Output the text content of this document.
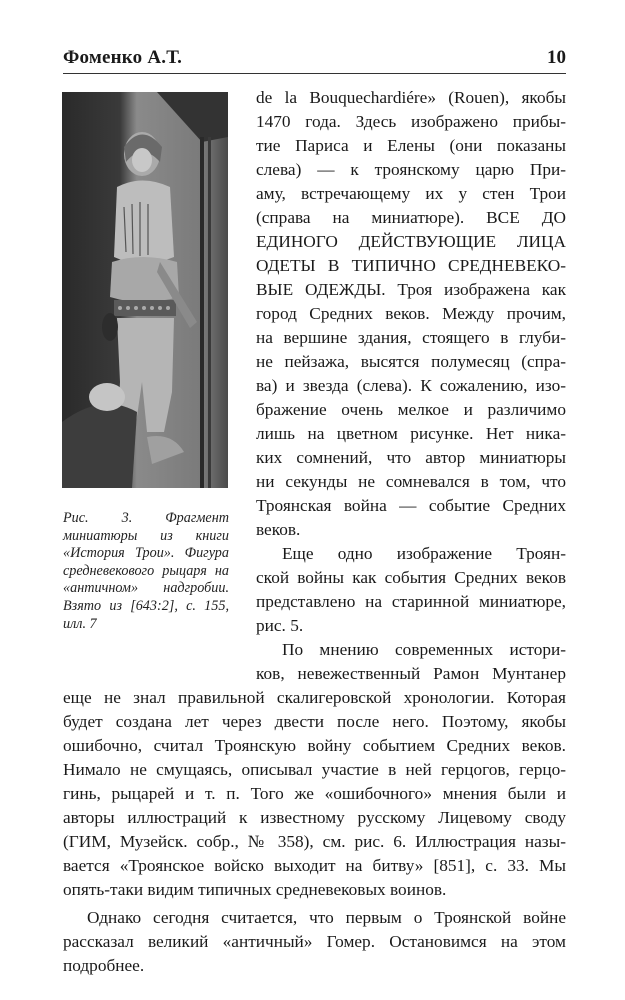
Фоменко А.Т.	10
Рис. 3. Фрагмент миниатюры из книги «История Трои». Фигура средневекового рыцаря на «античном» надгробии. Взято из [643:2], с. 155, илл. 7
de la Bouquechardiére» (Rouen), якобы
1470 года. Здесь изображено прибы-
тие Париса и Елены (они показаны
слева) — к троянскому царю При-
аму, встречающему их у стен Трои
(справа на миниатюре). ВСЕ ДО
ЕДИНОГО ДЕЙСТВУЮЩИЕ ЛИЦА
ОДЕТЫ В ТИПИЧНО СРЕДНЕВЕКО-
ВЫЕ ОДЕЖДЫ. Троя изображена как
город Средних веков. Между прочим,
на вершине здания, стоящего в глуби-
не пейзажа, высятся полумесяц (спра-
ва) и звезда (слева). К сожалению, изо-
бражение очень мелкое и различимо
лишь на цветном рисунке. Нет ника-
ких сомнений, что автор миниатюры
ни секунды не сомневался в том, что
Троянская война — событие Средних
веков.
Еще одно изображение Троян-
ской войны как события Средних веков
представлено на старинной миниатюре,
рис. 5.
По мнению современных истори-
ков, невежественный Рамон Мунтанер
еще не знал правильной скалигеровской хронологии. Которая
будет создана лет через двести после него. Поэтому, якобы
ошибочно, считал Троянскую войну событием Средних веков.
Нимало не смущаясь, описывал участие в ней герцогов, герцо-
гинь, рыцарей и т. п. Того же «ошибочного» мнения были и
авторы иллюстраций к известному русскому Лицевому своду
(ГИМ, Музейск. собр., № 358), см. рис. 6. Иллюстрация назы-
вается «Троянское войско выходит на битву» [851], с. 33. Мы
опять-таки видим типичных средневековых воинов.
Однако сегодня считается, что первым о Троянской войне
рассказал великий «античный» Гомер. Остановимся на этом
подробнее.
